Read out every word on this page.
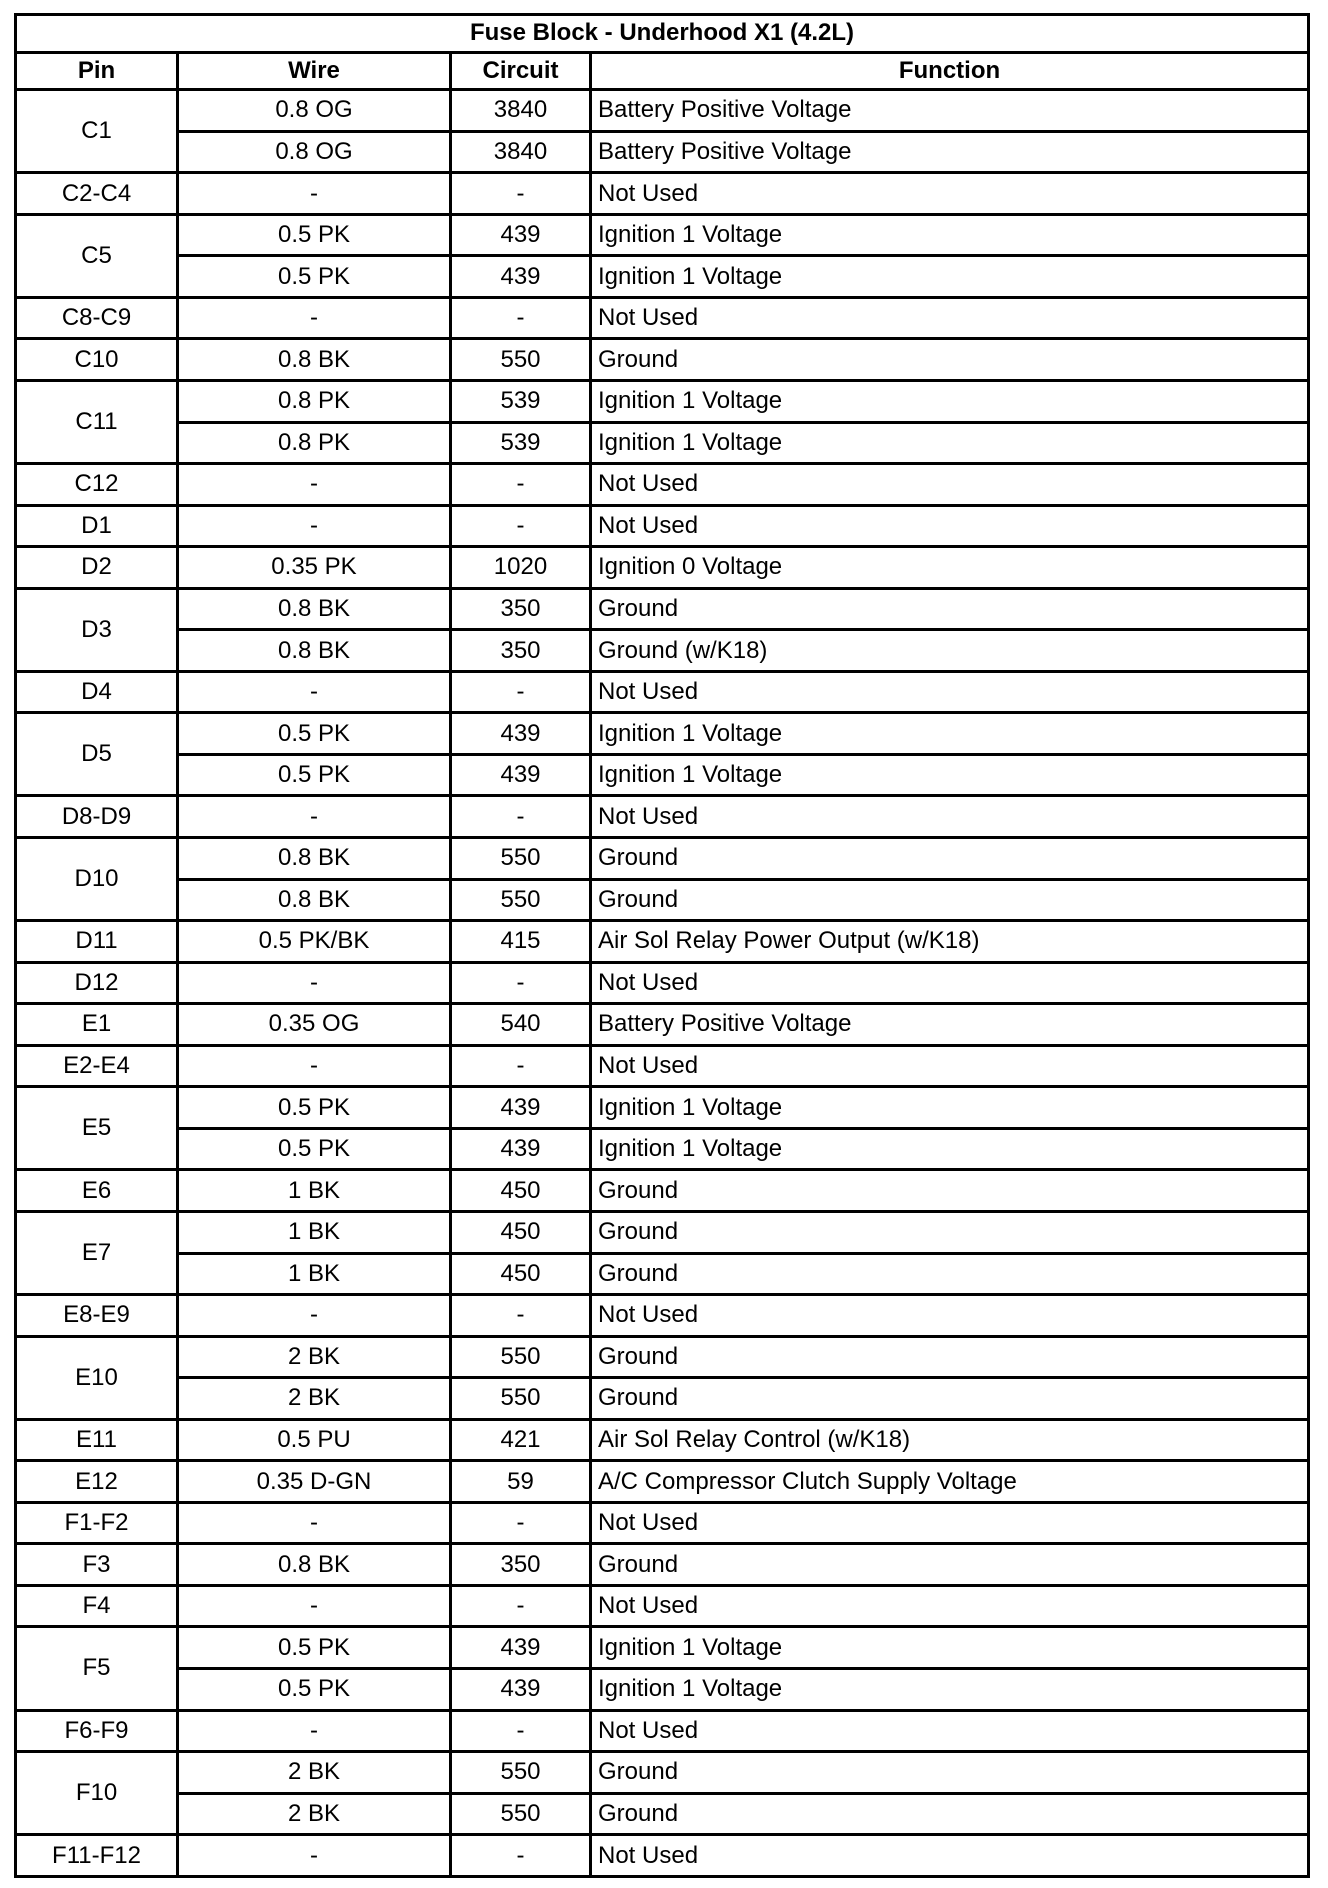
Fuse Block - Underhood X1 (4.2L)			
Pin	Wire	Circuit	Function
C1	0.8 OG	3840	Battery Positive Voltage
	0.8 OG	3840	Battery Positive Voltage
C2-C4	-	-	Not Used
C5	0.5 PK	439	Ignition 1 Voltage
	0.5 PK	439	Ignition 1 Voltage
C8-C9	-	-	Not Used
C10	0.8 BK	550	Ground
C11	0.8 PK	539	Ignition 1 Voltage
	0.8 PK	539	Ignition 1 Voltage
C12	-	-	Not Used
D1	-	-	Not Used
D2	0.35 PK	1020	Ignition 0 Voltage
D3	0.8 BK	350	Ground
	0.8 BK	350	Ground (w/K18)
D4	-	-	Not Used
D5	0.5 PK	439	Ignition 1 Voltage
	0.5 PK	439	Ignition 1 Voltage
D8-D9	-	-	Not Used
D10	0.8 BK	550	Ground
	0.8 BK	550	Ground
D11	0.5 PK/BK	415	Air Sol Relay Power Output (w/K18)
D12	-	-	Not Used
E1	0.35 OG	540	Battery Positive Voltage
E2-E4	-	-	Not Used
E5	0.5 PK	439	Ignition 1 Voltage
	0.5 PK	439	Ignition 1 Voltage
E6	1 BK	450	Ground
E7	1 BK	450	Ground
	1 BK	450	Ground
E8-E9	-	-	Not Used
E10	2 BK	550	Ground
	2 BK	550	Ground
E11	0.5 PU	421	Air Sol Relay Control (w/K18)
E12	0.35 D-GN	59	A/C Compressor Clutch Supply Voltage
F1-F2	-	-	Not Used
F3	0.8 BK	350	Ground
F4	-	-	Not Used
F5	0.5 PK	439	Ignition 1 Voltage
	0.5 PK	439	Ignition 1 Voltage
F6-F9	-	-	Not Used
F10	2 BK	550	Ground
	2 BK	550	Ground
F11-F12	-	-	Not Used
